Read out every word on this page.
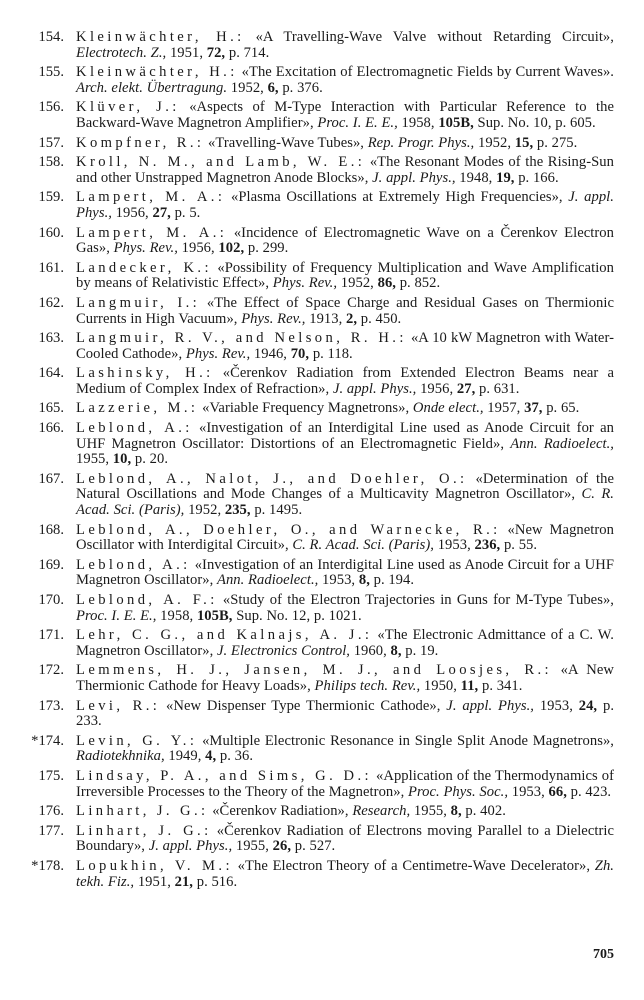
154. Kleinwächter, H.: «A Travelling-Wave Valve without Retarding Circuit», Electrotech. Z., 1951, 72, p. 714.
155. Kleinwächter, H.: «The Excitation of Electromagnetic Fields by Current Waves». Arch. elekt. Übertragung. 1952, 6, p. 376.
156. Klüver, J.: «Aspects of M-Type Interaction with Particular Reference to the Backward-Wave Magnetron Amplifier», Proc. I. E. E., 1958, 105B, Sup. No. 10, p. 605.
157. Kompfner, R.: «Travelling-Wave Tubes», Rep. Progr. Phys., 1952, 15, p. 275.
158. Kroll, N. M., and Lamb, W. E.: «The Resonant Modes of the Rising-Sun and other Unstrapped Magnetron Anode Blocks», J. appl. Phys., 1948, 19, p. 166.
159. Lampert, M. A.: «Plasma Oscillations at Extremely High Frequencies», J. appl. Phys., 1956, 27, p. 5.
160. Lampert, M. A.: «Incidence of Electromagnetic Wave on a Čerenkov Electron Gas», Phys. Rev., 1956, 102, p. 299.
161. Landecker, K.: «Possibility of Frequency Multiplication and Wave Amplification by means of Relativistic Effect», Phys. Rev., 1952, 86, p. 852.
162. Langmuir, I.: «The Effect of Space Charge and Residual Gases on Thermionic Currents in High Vacuum», Phys. Rev., 1913, 2, p. 450.
163. Langmuir, R. V., and Nelson, R. H.: «A 10 kW Magnetron with Water-Cooled Cathode», Phys. Rev., 1946, 70, p. 118.
164. Lashinsky, H.: «Čerenkov Radiation from Extended Electron Beams near a Medium of Complex Index of Refraction», J. appl. Phys., 1956, 27, p. 631.
165. Lazzerie, M.: «Variable Frequency Magnetrons», Onde elect., 1957, 37, p. 65.
166. Leblond, A.: «Investigation of an Interdigital Line used as Anode Circuit for an UHF Magnetron Oscillator: Distortions of an Electromagnetic Field», Ann. Radioelect., 1955, 10, p. 20.
167. Leblond, A., Nalot, J., and Doehler, O.: «Determination of the Natural Oscillations and Mode Changes of a Multicavity Magnetron Oscillator», C. R. Acad. Sci. (Paris), 1952, 235, p. 1495.
168. Leblond, A., Doehler, O., and Warnecke, R.: «New Magnetron Oscillator with Interdigital Circuit», C. R. Acad. Sci. (Paris), 1953, 236, p. 55.
169. Leblond, A.: «Investigation of an Interdigital Line used as Anode Circuit for a UHF Magnetron Oscillator», Ann. Radioelect., 1953, 8, p. 194.
170. Leblond, A. F.: «Study of the Electron Trajectories in Guns for M-Type Tubes», Proc. I. E. E., 1958, 105B, Sup. No. 12, p. 1021.
171. Lehr, C. G., and Kalnajs, A. J.: «The Electronic Admittance of a C. W. Magnetron Oscillator», J. Electronics Control, 1960, 8, p. 19.
172. Lemmens, H. J., Jansen, M. J., and Loosjes, R.: «A New Thermionic Cathode for Heavy Loads», Philips tech. Rev., 1950, 11, p. 341.
173. Levi, R.: «New Dispenser Type Thermionic Cathode», J. appl. Phys., 1953, 24, p. 233.
*174. Levin, G. Y.: «Multiple Electronic Resonance in Single Split Anode Magnetrons», Radiotekhnika, 1949, 4, p. 36.
175. Lindsay, P. A., and Sims, G. D.: «Application of the Thermodynamics of Irreversible Processes to the Theory of the Magnetron», Proc. Phys. Soc., 1953, 66, p. 423.
176. Linhart, J. G.: «Čerenkov Radiation», Research, 1955, 8, p. 402.
177. Linhart, J. G.: «Čerenkov Radiation of Electrons moving Parallel to a Dielectric Boundary», J. appl. Phys., 1955, 26, p. 527.
*178. Lopukhin, V. M.: «The Electron Theory of a Centimetre-Wave Decelerator», Zh. tekh. Fiz., 1951, 21, p. 516.
705
